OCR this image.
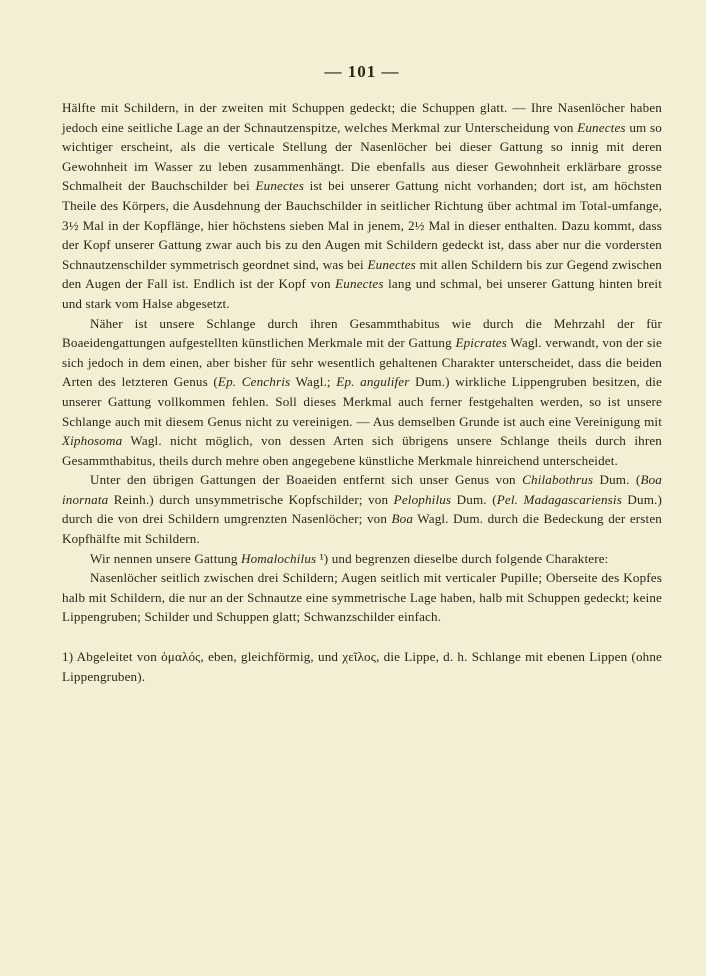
— 101 —

Hälfte mit Schildern, in der zweiten mit Schuppen gedeckt; die Schuppen glatt. — Ihre Nasenlöcher haben jedoch eine seitliche Lage an der Schnautzenspitze, welches Merkmal zur Unterscheidung von Eunectes um so wichtiger erscheint, als die verticale Stellung der Nasenlöcher bei dieser Gattung so innig mit deren Gewohnheit im Wasser zu leben zusammenhängt. Die ebenfalls aus dieser Gewohnheit erklärbare grosse Schmalheit der Bauchschilder bei Eunectes ist bei unserer Gattung nicht vorhanden; dort ist, am höchsten Theile des Körpers, die Ausdehnung der Bauchschilder in seitlicher Richtung über achtmal im Total-umfange, 3½ Mal in der Kopflänge, hier höchstens sieben Mal in jenem, 2½ Mal in dieser enthalten. Dazu kommt, dass der Kopf unserer Gattung zwar auch bis zu den Augen mit Schildern gedeckt ist, dass aber nur die vordersten Schnautzenschilder symmetrisch geordnet sind, was bei Eunectes mit allen Schildern bis zur Gegend zwischen den Augen der Fall ist. Endlich ist der Kopf von Eunectes lang und schmal, bei unserer Gattung hinten breit und stark vom Halse abgesetzt.

Näher ist unsere Schlange durch ihren Gesammthabitus wie durch die Mehrzahl der für Boaeidengattungen aufgestellten künstlichen Merkmale mit der Gattung Epicrates Wagl. verwandt, von der sie sich jedoch in dem einen, aber bisher für sehr wesentlich gehaltenen Charakter unterscheidet, dass die beiden Arten des letzteren Genus (Ep. Cenchris Wagl.; Ep. angulifer Dum.) wirkliche Lippengruben besitzen, die unserer Gattung vollkommen fehlen. Soll dieses Merkmal auch ferner festgehalten werden, so ist unsere Schlange auch mit diesem Genus nicht zu vereinigen. — Aus demselben Grunde ist auch eine Vereinigung mit Xiphosoma Wagl. nicht möglich, von dessen Arten sich übrigens unsere Schlange theils durch ihren Gesammthabitus, theils durch mehre oben angegebene künstliche Merkmale hinreichend unterscheidet.

Unter den übrigen Gattungen der Boaeiden entfernt sich unser Genus von Chilabothrus Dum. (Boa inornata Reinh.) durch unsymmetrische Kopfschilder; von Pelophilus Dum. (Pel. Madagascariensis Dum.) durch die von drei Schildern umgrenzten Nasenlöcher; von Boa Wagl. Dum. durch die Bedeckung der ersten Kopfhälfte mit Schildern.

Wir nennen unsere Gattung Homalochilus ¹) und begrenzen dieselbe durch folgende Charaktere:

Nasenlöcher seitlich zwischen drei Schildern; Augen seitlich mit verticaler Pupille; Oberseite des Kopfes halb mit Schildern, die nur an der Schnautze eine symmetrische Lage haben, halb mit Schuppen gedeckt; keine Lippengruben; Schilder und Schuppen glatt; Schwanzschilder einfach.

1) Abgeleitet von ὁμαλός, eben, gleichförmig, und χεῖλος, die Lippe, d. h. Schlange mit ebenen Lippen (ohne Lippengruben).
